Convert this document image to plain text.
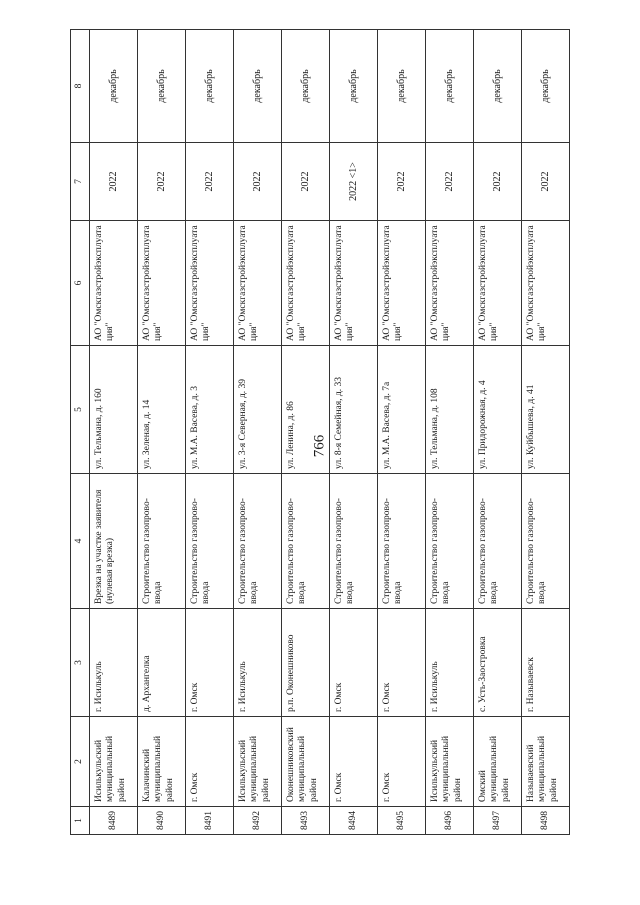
766
1	2	3	4	5	6	7	8
8489	Исилькульский муниципальный район	г. Исилькуль	Врезка на участке заявителя (нулевая врезка)	ул. Тельмана, д. 160	АО "Омскгазстройэксплуата ция"	2022	декабрь
8490	Калачинский муниципальный район	д. Архангелка	Строительство газопрово- ввода	ул. Зеленая, д. 14	АО "Омскгазстройэксплуата ция"	2022	декабрь
8491	г. Омск	г. Омск	Строительство газопрово- ввода	ул. М.А. Васева, д. 3	АО "Омскгазстройэксплуата ция"	2022	декабрь
8492	Исилькульский муниципальный район	г. Исилькуль	Строительство газопрово- ввода	ул. 3-я Северная, д. 39	АО "Омскгазстройэксплуата ция"	2022	декабрь
8493	Оконешниковский муниципальный район	р.п. Оконешниково	Строительство газопрово- ввода	ул. Ленина, д. 86	АО "Омскгазстройэксплуата ция"	2022	декабрь
8494	г. Омск	г. Омск	Строительство газопрово- ввода	ул. 8-я Семейная, д. 33	АО "Омскгазстройэксплуата ция"	2022 <1>	декабрь
8495	г. Омск	г. Омск	Строительство газопрово- ввода	ул. М.А. Васева, д. 7а	АО "Омскгазстройэксплуата ция"	2022	декабрь
8496	Исилькульский муниципальный район	г. Исилькуль	Строительство газопрово- ввода	ул. Тельмана, д. 108	АО "Омскгазстройэксплуата ция"	2022	декабрь
8497	Омский муниципальный район	с. Усть-Заостровка	Строительство газопрово- ввода	ул. Придорожная, д. 4	АО "Омскгазстройэксплуата ция"	2022	декабрь
8498	Называевский муниципальный район	г. Называевск	Строительство газопрово- ввода	ул. Куйбышева, д. 41	АО "Омскгазстройэксплуата ция"	2022	декабрь
